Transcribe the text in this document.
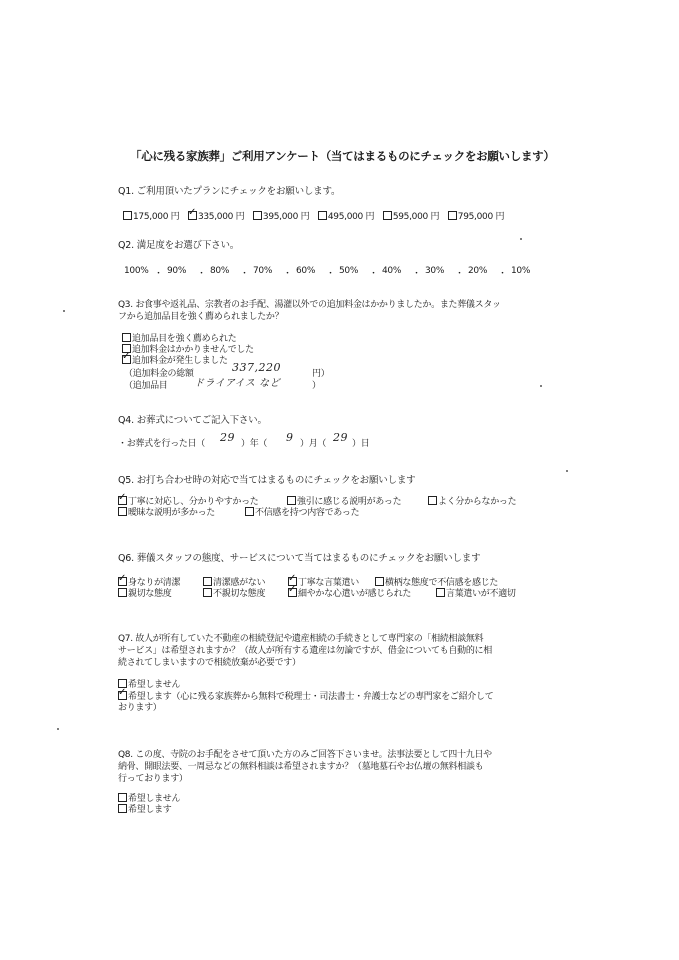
「心に残る家族葬」ご利用アンケート（当てはまるものにチェックをお願いします）
Q1. ご利用頂いたプランにチェックをお願いします。
175,000 円 ✓ 335,000 円 395,000 円 495,000 円 595,000 円 795,000 円
Q2. 満足度をお選び下さい。
100% 90%	80%	70%	60%	50%	40%	30%	20%	10%
・	・	・	・	・	・	・	・	・
Q3. お食事や返礼品、宗教者のお手配、湯灌以外での追加料金はかかりましたか。また葬儀スタッ
フから追加品目を強く薦められましたか？
追加品目を強く薦められた
追加料金はかかりませんでした
✓追加料金が発生しました
（追加料金の総額	337,220	円）
（追加品目	ドライアイス など	）
Q4. お葬式についてご記入下さい。
・お葬式を行った日（ 29 ）年（ 9 ）月（ 29 ）日
Q5. お打ち合わせ時の対応で当てはまるものにチェックをお願いします
✓丁寧に対応し、分かりやすかった	強引に感じる説明があった	よく分からなかった
曖昧な説明が多かった	不信感を持つ内容であった
Q6. 葬儀スタッフの態度、サービスについて当てはまるものにチェックをお願いします
✓身なりが清潔	清潔感がない ✓	丁寧な言葉遣い	横柄な態度で不信感を感じた
親切な態度	不親切な態度 ✓	細やかな心遣いが感じられた	言葉遣いが不適切
Q7. 故人が所有していた不動産の相続登記や遺産相続の手続きとして専門家の「相続相談無料
サービス」は希望されますか？（故人が所有する遺産は勿論ですが、借金についても自動的に相
続されてしまいますので相続放棄が必要です）
希望しません
✓希望します（心に残る家族葬から無料で税理士・司法書士・弁護士などの専門家をご紹介して
おります）
Q8. この度、寺院のお手配をさせて頂いた方のみご回答下さいませ。法事法要として四十九日や
納骨、開眼法要、一周忌などの無料相談は希望されますか？（墓地墓石やお仏壇の無料相談も
行っております）
希望しません
希望します
